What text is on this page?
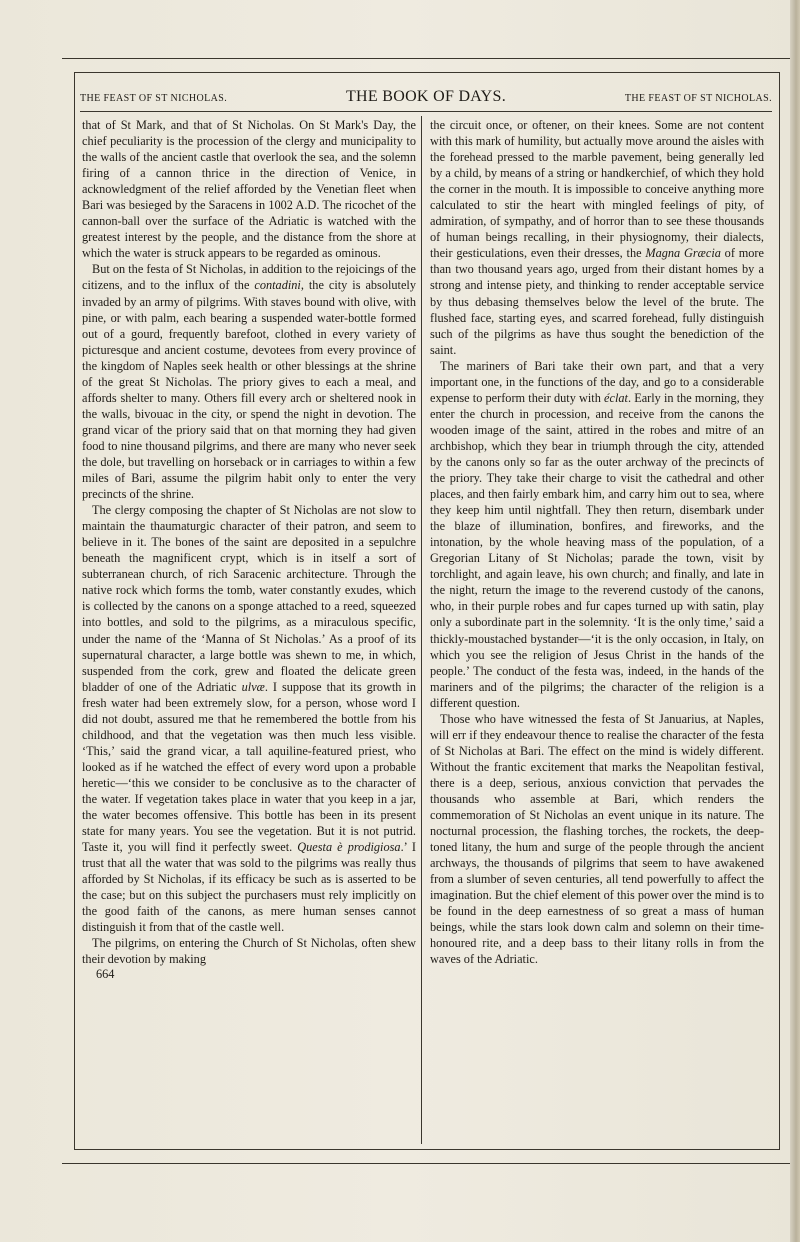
THE FEAST OF ST NICHOLAS.	THE BOOK OF DAYS.	THE FEAST OF ST NICHOLAS.

that of St Mark, and that of St Nicholas. On St Mark's Day, the chief peculiarity is the procession of the clergy and municipality to the walls of the ancient castle that overlook the sea, and the solemn firing of a cannon thrice in the direction of Venice, in acknowledgment of the relief afforded by the Venetian fleet when Bari was besieged by the Saracens in 1002 A.D. The ricochet of the cannon-ball over the surface of the Adriatic is watched with the greatest interest by the people, and the distance from the shore at which the water is struck appears to be regarded as ominous.

But on the festa of St Nicholas, in addition to the rejoicings of the citizens, and to the influx of the contadini, the city is absolutely invaded by an army of pilgrims. With staves bound with olive, with pine, or with palm, each bearing a suspended water-bottle formed out of a gourd, frequently barefoot, clothed in every variety of picturesque and ancient costume, devotees from every province of the kingdom of Naples seek health or other blessings at the shrine of the great St Nicholas. The priory gives to each a meal, and affords shelter to many. Others fill every arch or sheltered nook in the walls, bivouac in the city, or spend the night in devotion. The grand vicar of the priory said that on that morning they had given food to nine thousand pilgrims, and there are many who never seek the dole, but travelling on horseback or in carriages to within a few miles of Bari, assume the pilgrim habit only to enter the very precincts of the shrine.

The clergy composing the chapter of St Nicholas are not slow to maintain the thaumaturgic character of their patron, and seem to believe in it. The bones of the saint are deposited in a sepulchre beneath the magnificent crypt, which is in itself a sort of subterranean church, of rich Saracenic architecture. Through the native rock which forms the tomb, water constantly exudes, which is collected by the canons on a sponge attached to a reed, squeezed into bottles, and sold to the pilgrims, as a miraculous specific, under the name of the ‘Manna of St Nicholas.’ As a proof of its supernatural character, a large bottle was shewn to me, in which, suspended from the cork, grew and floated the delicate green bladder of one of the Adriatic ulvæ. I suppose that its growth in fresh water had been extremely slow, for a person, whose word I did not doubt, assured me that he remembered the bottle from his childhood, and that the vegetation was then much less visible. ‘This,’ said the grand vicar, a tall aquiline-featured priest, who looked as if he watched the effect of every word upon a probable heretic—‘this we consider to be conclusive as to the character of the water. If vegetation takes place in water that you keep in a jar, the water becomes offensive. This bottle has been in its present state for many years. You see the vegetation. But it is not putrid. Taste it, you will find it perfectly sweet. Questa è prodigiosa.’ I trust that all the water that was sold to the pilgrims was really thus afforded by St Nicholas, if its efficacy be such as is asserted to be the case; but on this subject the purchasers must rely implicitly on the good faith of the canons, as mere human senses cannot distinguish it from that of the castle well.

The pilgrims, on entering the Church of St Nicholas, often shew their devotion by making

664

the circuit once, or oftener, on their knees. Some are not content with this mark of humility, but actually move around the aisles with the forehead pressed to the marble pavement, being generally led by a child, by means of a string or handkerchief, of which they hold the corner in the mouth. It is impossible to conceive anything more calculated to stir the heart with mingled feelings of pity, of admiration, of sympathy, and of horror than to see these thousands of human beings recalling, in their physiognomy, their dialects, their gesticulations, even their dresses, the Magna Græcia of more than two thousand years ago, urged from their distant homes by a strong and intense piety, and thinking to render acceptable service by thus debasing themselves below the level of the brute. The flushed face, starting eyes, and scarred forehead, fully distinguish such of the pilgrims as have thus sought the benediction of the saint.

The mariners of Bari take their own part, and that a very important one, in the functions of the day, and go to a considerable expense to perform their duty with éclat. Early in the morning, they enter the church in procession, and receive from the canons the wooden image of the saint, attired in the robes and mitre of an archbishop, which they bear in triumph through the city, attended by the canons only so far as the outer archway of the precincts of the priory. They take their charge to visit the cathedral and other places, and then fairly embark him, and carry him out to sea, where they keep him until nightfall. They then return, disembark under the blaze of illumination, bonfires, and fireworks, and the intonation, by the whole heaving mass of the population, of a Gregorian Litany of St Nicholas; parade the town, visit by torchlight, and again leave, his own church; and finally, and late in the night, return the image to the reverend custody of the canons, who, in their purple robes and fur capes turned up with satin, play only a subordinate part in the solemnity. ‘It is the only time,’ said a thickly-moustached bystander—‘it is the only occasion, in Italy, on which you see the religion of Jesus Christ in the hands of the people.’ The conduct of the festa was, indeed, in the hands of the mariners and of the pilgrims; the character of the religion is a different question.

Those who have witnessed the festa of St Januarius, at Naples, will err if they endeavour thence to realise the character of the festa of St Nicholas at Bari. The effect on the mind is widely different. Without the frantic excitement that marks the Neapolitan festival, there is a deep, serious, anxious conviction that pervades the thousands who assemble at Bari, which renders the commemoration of St Nicholas an event unique in its nature. The nocturnal procession, the flashing torches, the rockets, the deep-toned litany, the hum and surge of the people through the ancient archways, the thousands of pilgrims that seem to have awakened from a slumber of seven centuries, all tend powerfully to affect the imagination. But the chief element of this power over the mind is to be found in the deep earnestness of so great a mass of human beings, while the stars look down calm and solemn on their time-honoured rite, and a deep bass to their litany rolls in from the waves of the Adriatic.
